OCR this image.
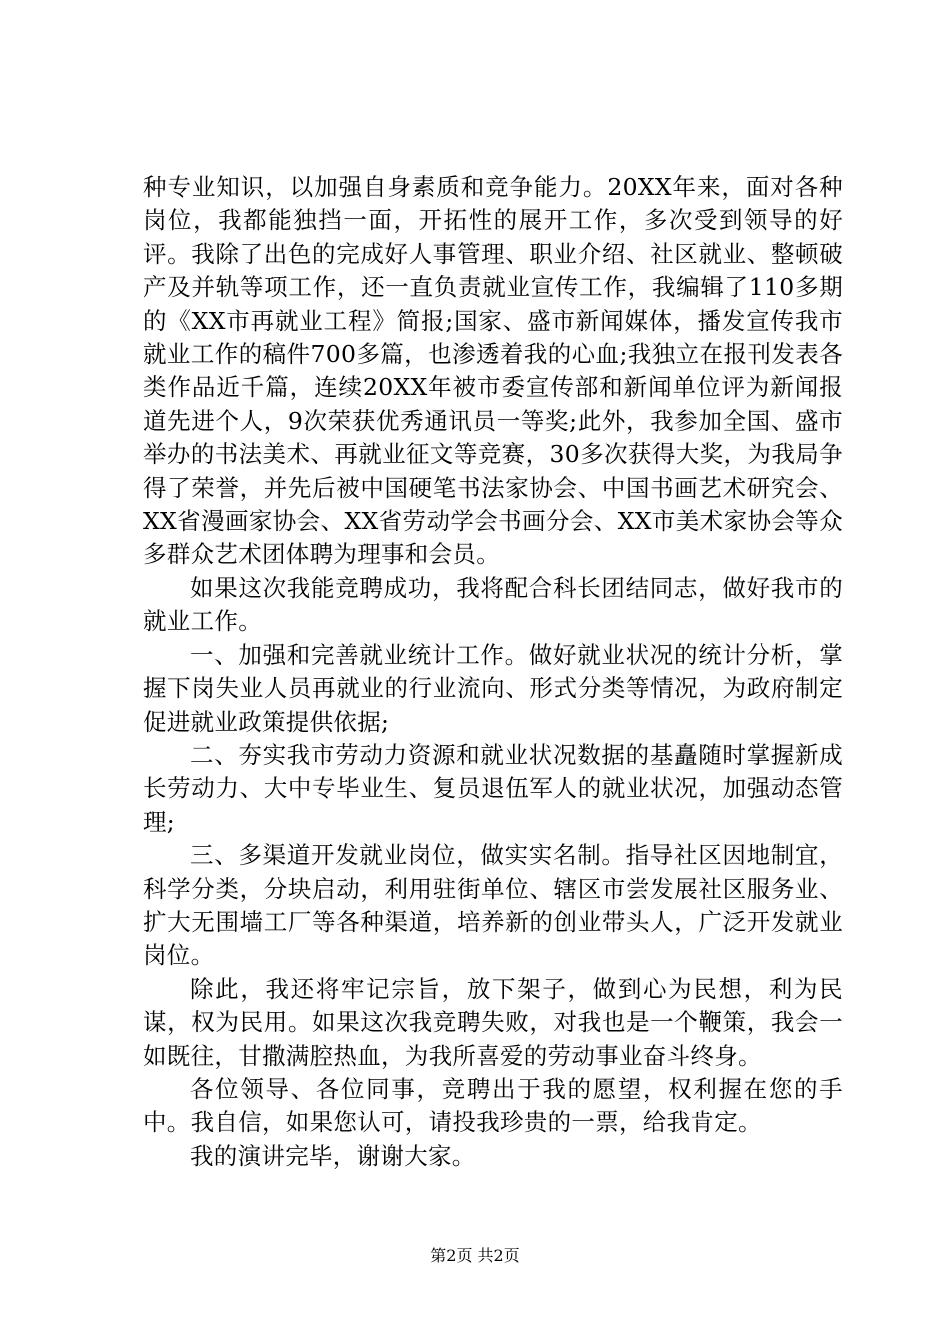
种专业知识，以加强自身素质和竞争能力。20XX年来，面对各种岗位，我都能独挡一面，开拓性的展开工作，多次受到领导的好评。我除了出色的完成好人事管理、职业介绍、社区就业、整顿破产及并轨等项工作，还一直负责就业宣传工作，我编辑了110多期的《XX市再就业工程》简报;国家、盛市新闻媒体，播发宣传我市就业工作的稿件700多篇，也渗透着我的心血;我独立在报刊发表各类作品近千篇，连续20XX年被市委宣传部和新闻单位评为新闻报道先进个人，9次荣获优秀通讯员一等奖;此外，我参加全国、盛市举办的书法美术、再就业征文等竞赛，30多次获得大奖，为我局争得了荣誉，并先后被中国硬笔书法家协会、中国书画艺术研究会、XX省漫画家协会、XX省劳动学会书画分会、XX市美术家协会等众多群众艺术团体聘为理事和会员。

如果这次我能竞聘成功，我将配合科长团结同志，做好我市的就业工作。

一、加强和完善就业统计工作。做好就业状况的统计分析，掌握下岗失业人员再就业的行业流向、形式分类等情况，为政府制定促进就业政策提供依据;

二、夯实我市劳动力资源和就业状况数据的基矗随时掌握新成长劳动力、大中专毕业生、复员退伍军人的就业状况，加强动态管理;

三、多渠道开发就业岗位，做实实名制。指导社区因地制宜，科学分类，分块启动，利用驻街单位、辖区市尝发展社区服务业、扩大无围墙工厂等各种渠道，培养新的创业带头人，广泛开发就业岗位。

除此，我还将牢记宗旨，放下架子，做到心为民想，利为民谋，权为民用。如果这次我竞聘失败，对我也是一个鞭策，我会一如既往，甘撒满腔热血，为我所喜爱的劳动事业奋斗终身。

各位领导、各位同事，竞聘出于我的愿望，权利握在您的手中。我自信，如果您认可，请投我珍贵的一票，给我肯定。

我的演讲完毕，谢谢大家。

第2页 共2页
